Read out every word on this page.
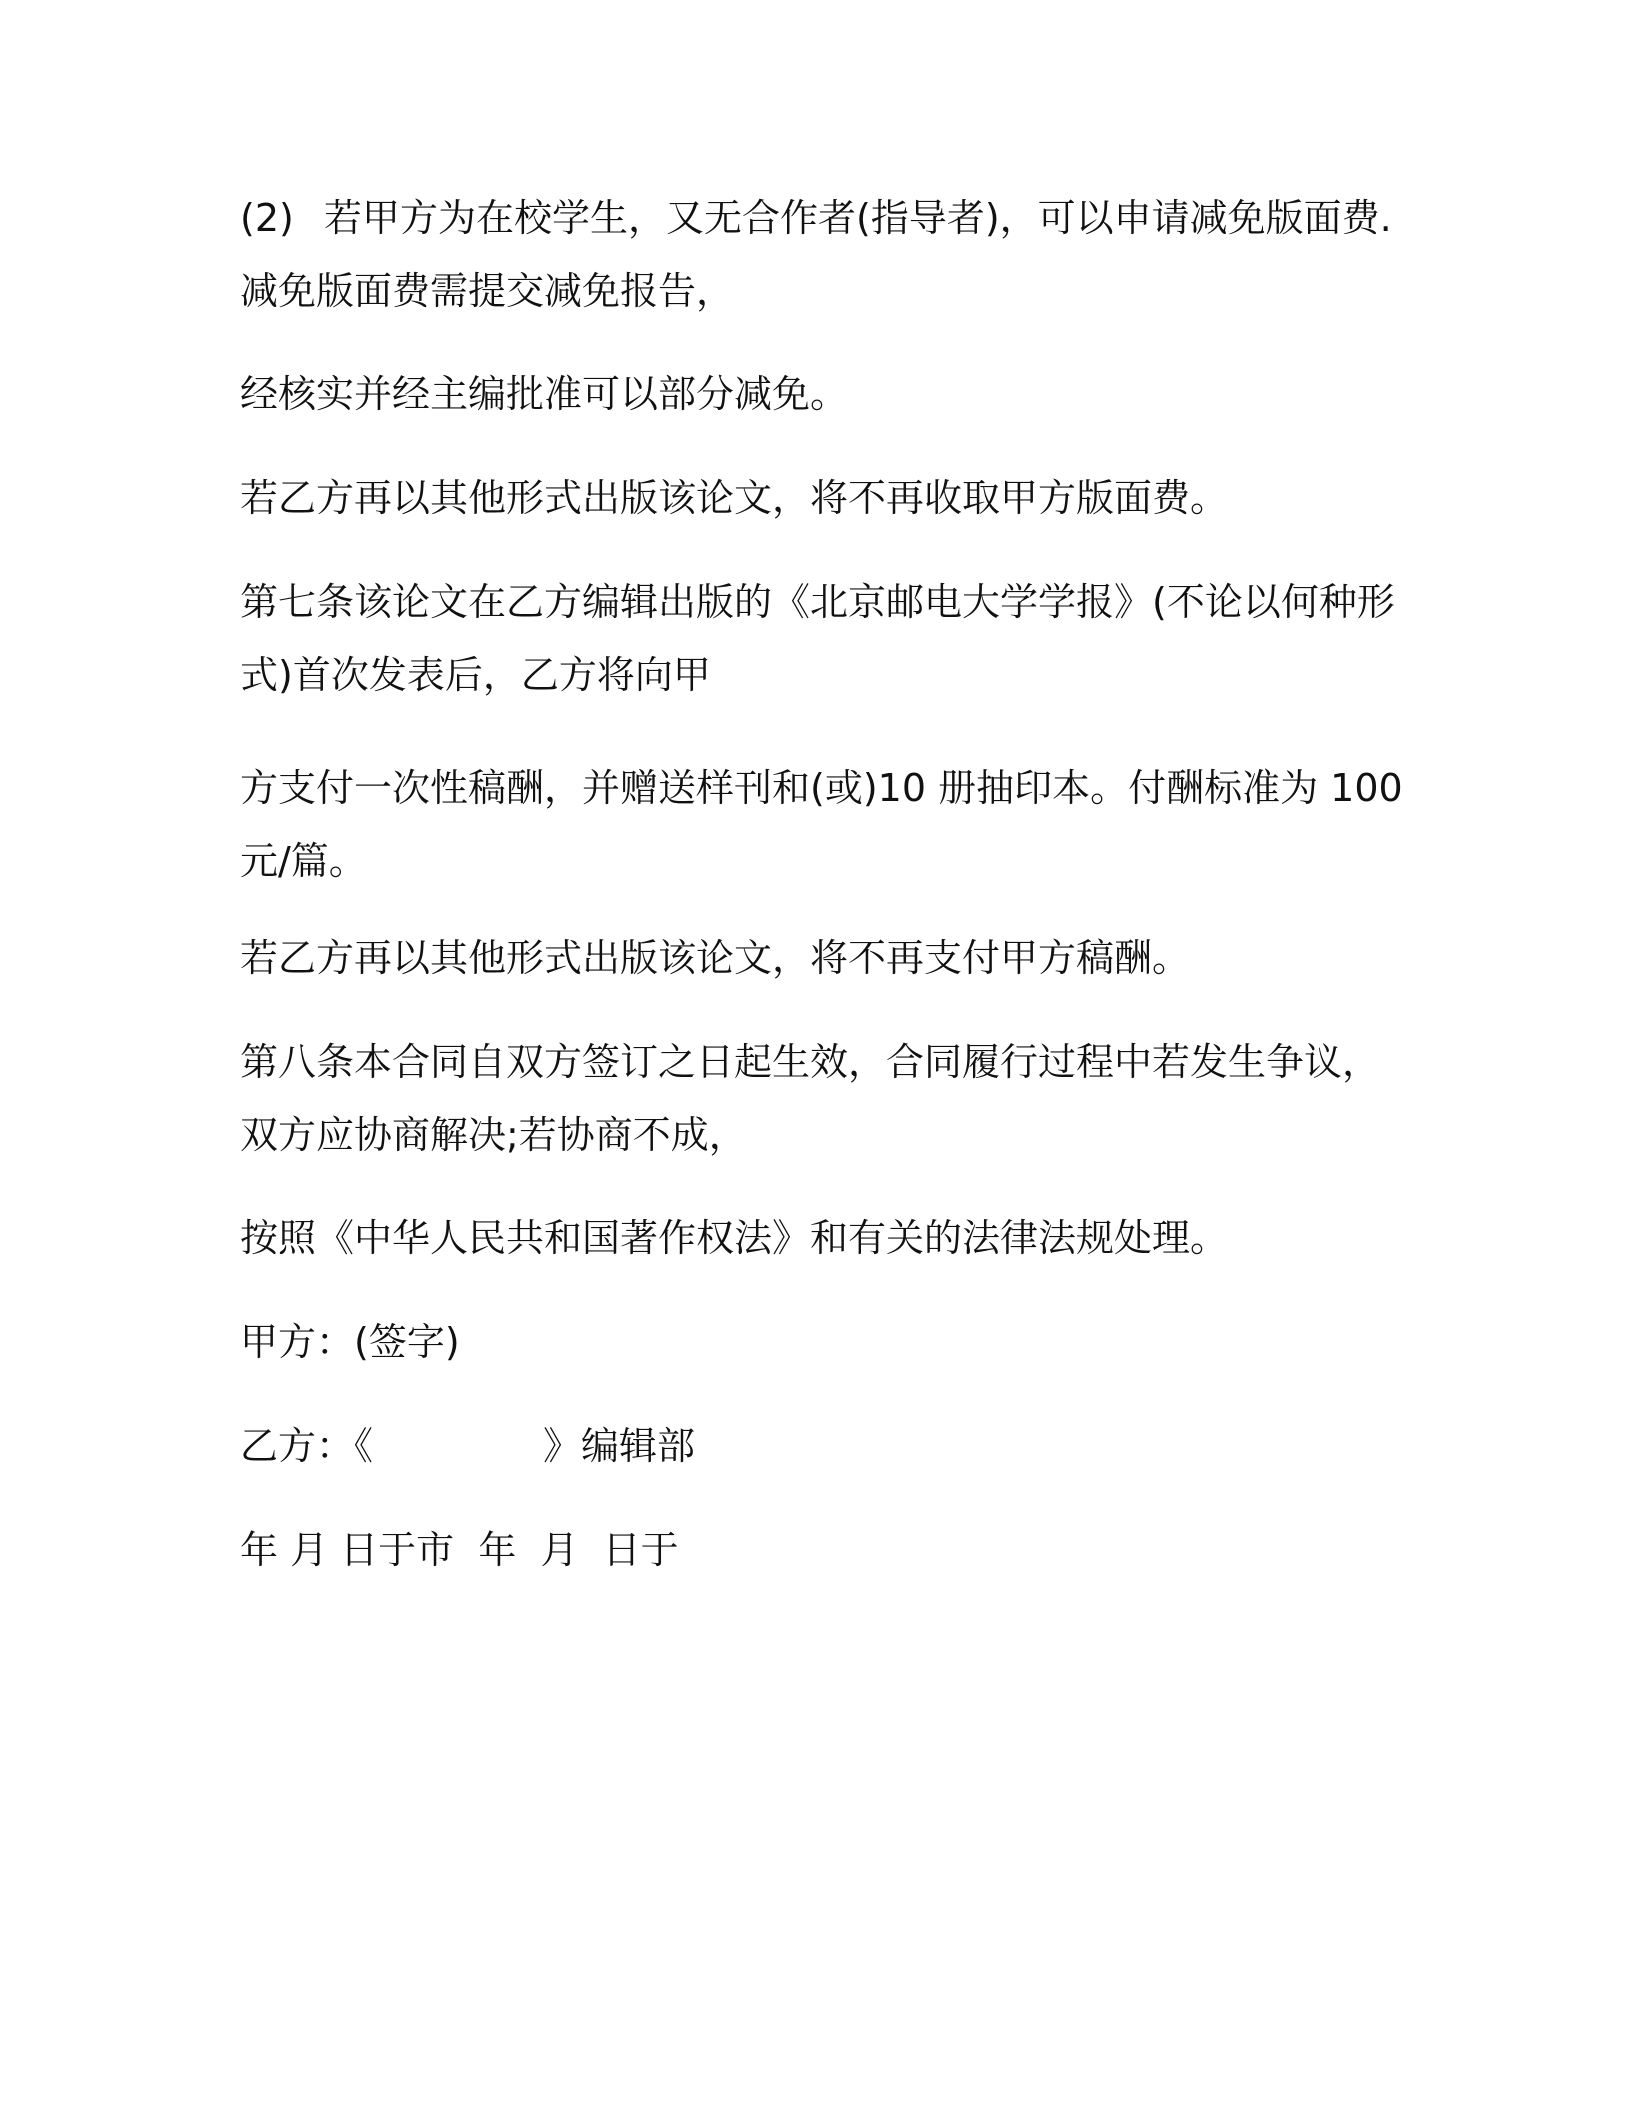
(2) 若甲方为在校学生，又无合作者(指导者)，可以申请减免版面费.
减免版面费需提交减免报告，
经核实并经主编批准可以部分减免。
若乙方再以其他形式出版该论文，将不再收取甲方版面费。
第七条该论文在乙方编辑出版的《北京邮电大学学报》(不论以何种形
式)首次发表后，乙方将向甲
方支付一次性稿酬，并赠送样刊和(或)10 册抽印本。付酬标准为 100
元/篇。
若乙方再以其他形式出版该论文，将不再支付甲方稿酬。
第八条本合同自双方签订之日起生效，合同履行过程中若发生争议，
双方应协商解决;若协商不成，
按照《中华人民共和国著作权法》和有关的法律法规处理。
甲方：(签字)
乙方：《	》编辑部
年 月 日于市  年  月  日于
